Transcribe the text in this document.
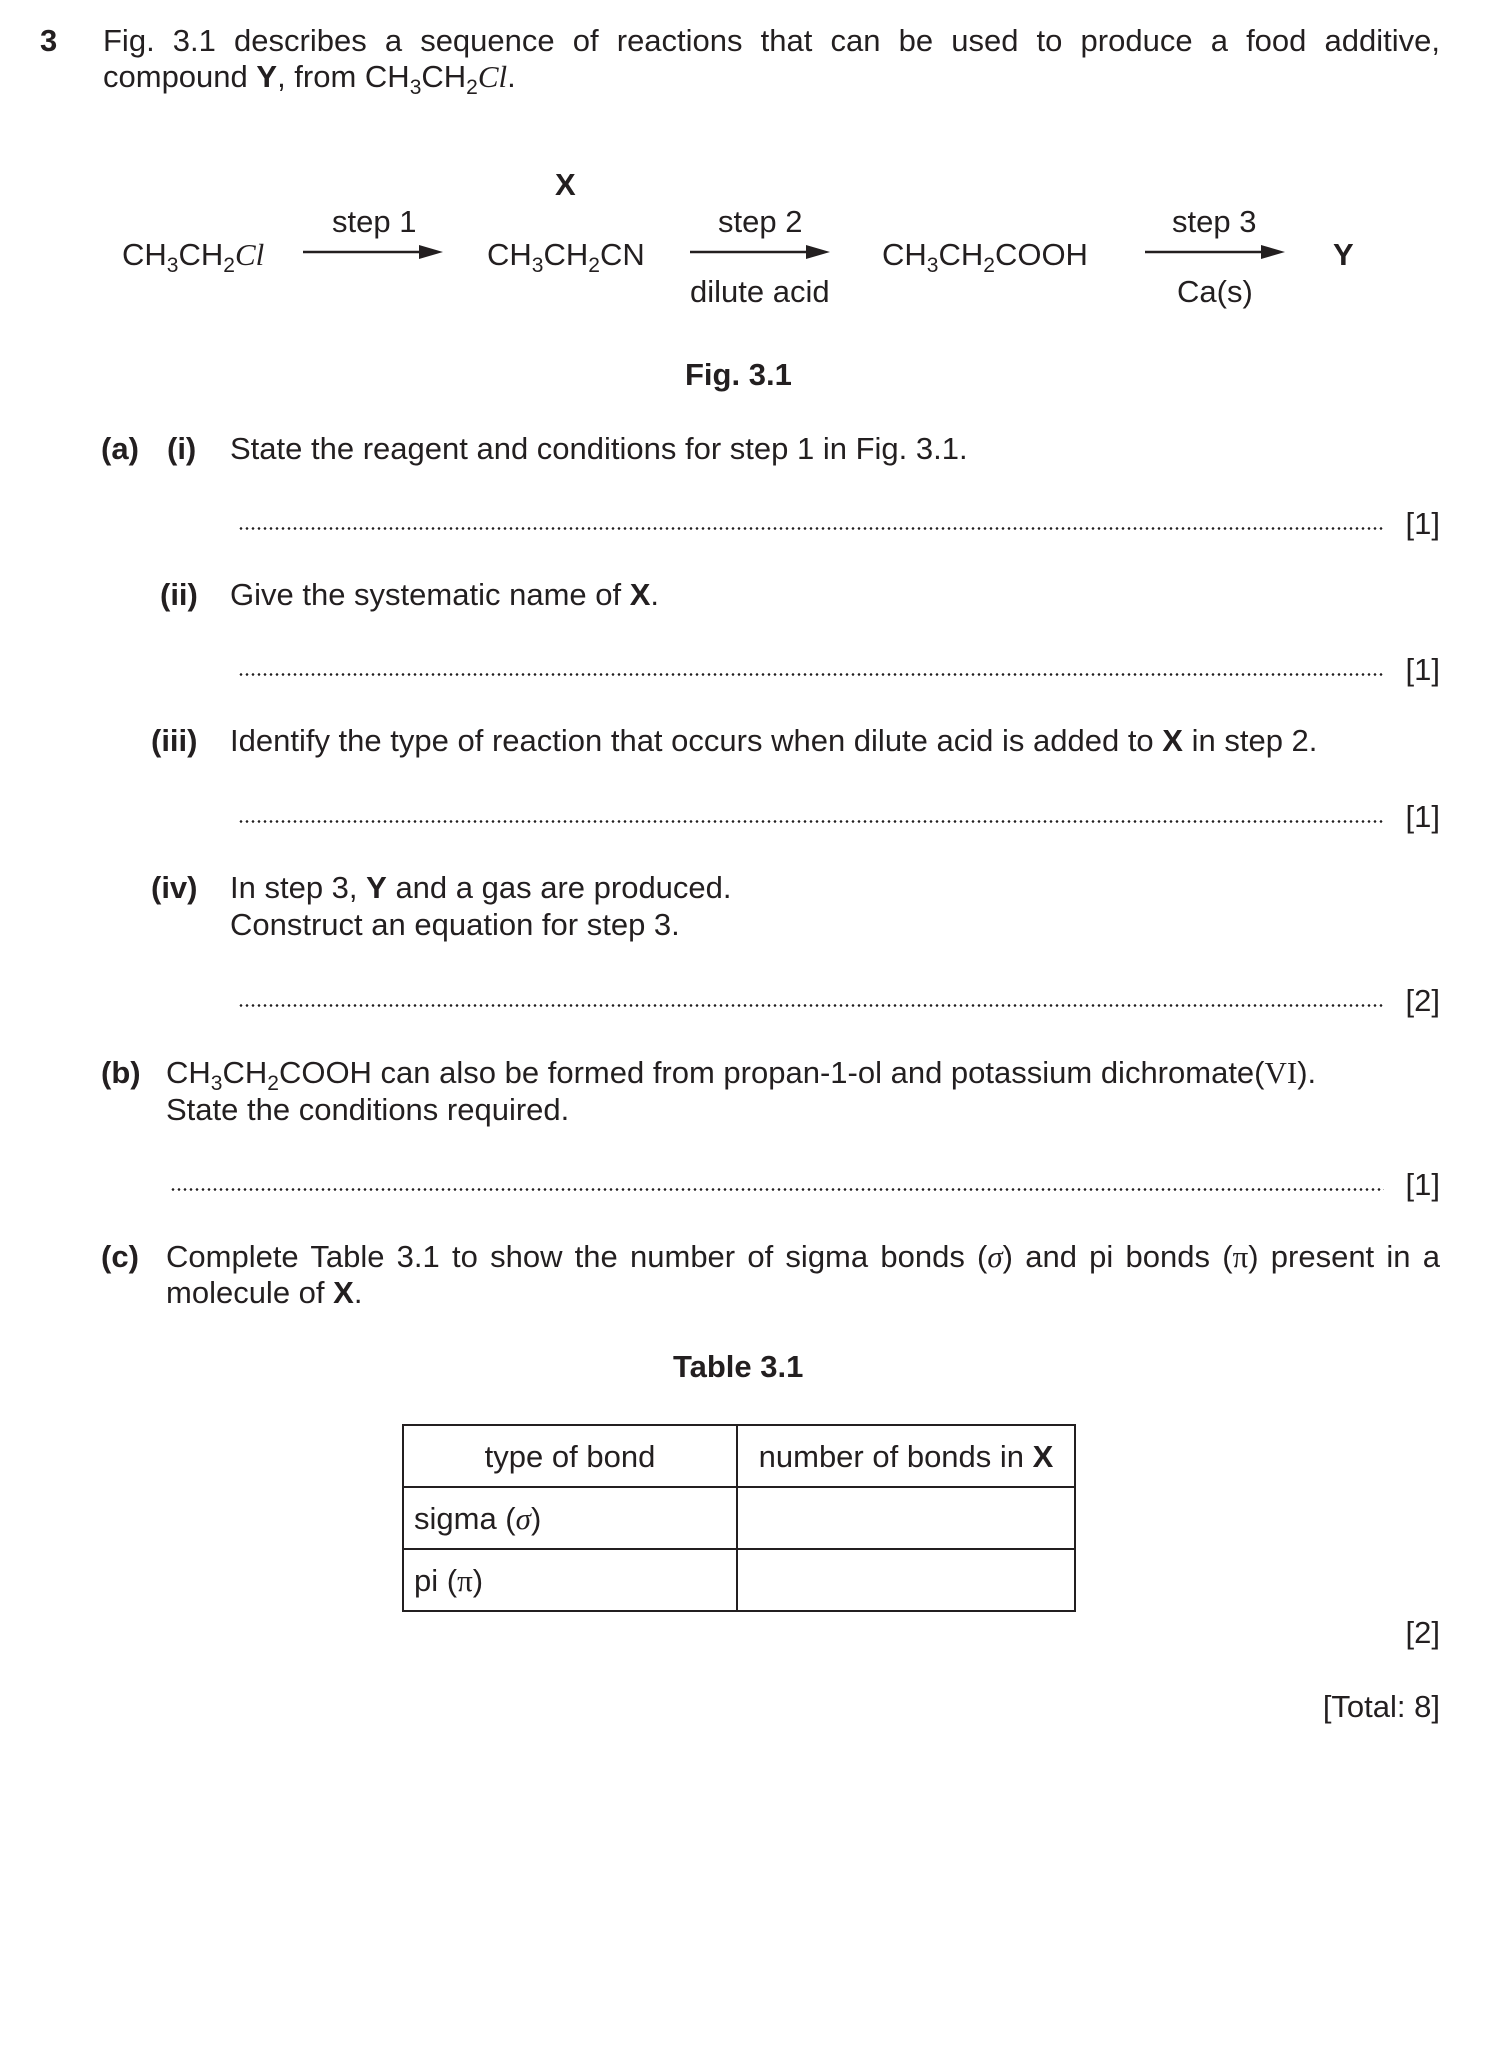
3 Fig. 3.1 describes a sequence of reactions that can be used to produce a food additive,
compound Y, from $CH_3CH_2Cl$.
$CH_3CH_2Cl$
step 1
X
$CH_3CH_2CN$
step 2
dilute acid
$CH_3CH_2COOH$
step 3
Ca(s)
Y
Fig. 3.1
(a) (i) State the reagent and conditions for step 1 in Fig. 3.1.
[1]
(ii) Give the systematic name of X.
[1]
(iii) Identify the type of reaction that occurs when dilute acid is added to X in step 2.
[1]
(iv) In step 3, Y and a gas are produced.
Construct an equation for step 3.
[2]
(b) $CH_3CH_2COOH$ can also be formed from propan-1-ol and potassium dichromate(VI).
State the conditions required.
[1]
(c) Complete Table 3.1 to show the number of sigma bonds (σ) and pi bonds (π) present in a
molecule of X.
Table 3.1
type of bond	number of bonds in X
sigma (σ)	
pi (π)	
[2]
[Total: 8]
